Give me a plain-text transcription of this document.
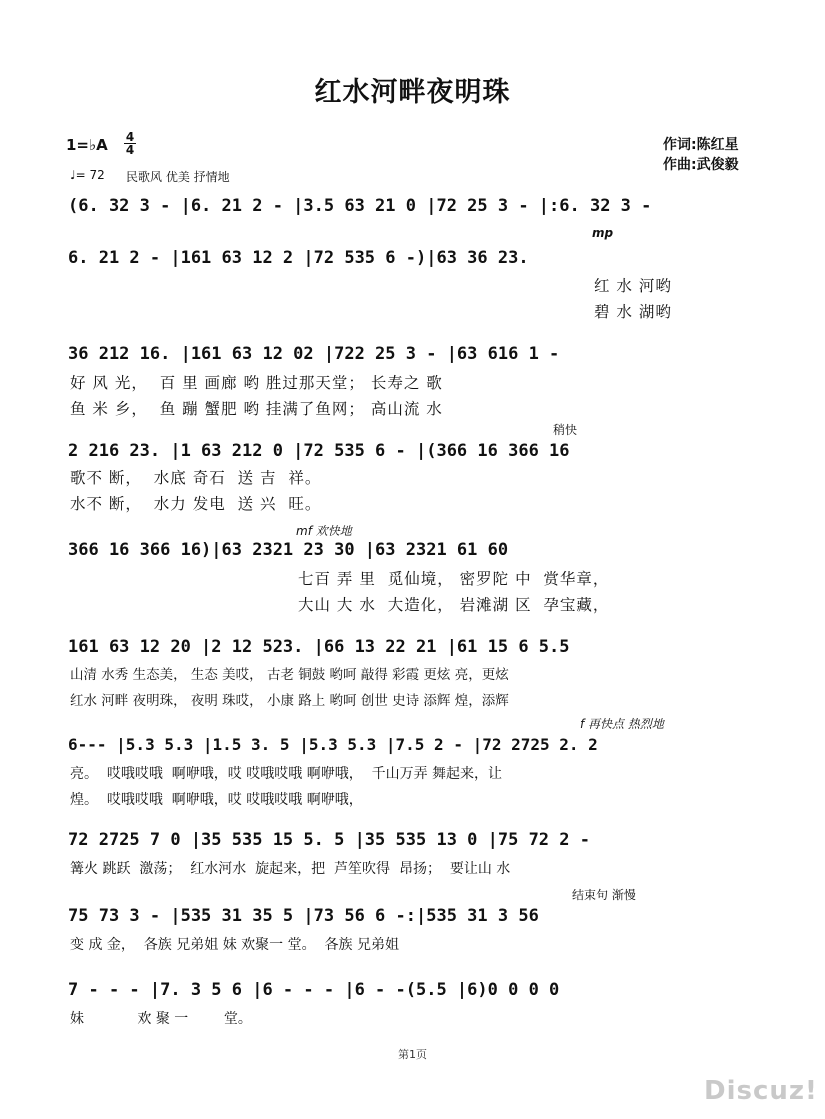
红水河畔夜明珠
1=♭A 4
4
♩= 72 民歌风 优美 抒情地
作词:陈红星
作曲:武俊毅
(6. 32 3 - |6. 21 2 - |3.5 63 21 0 |72 25 3 - |:6. 32 3 -
6. 21 2 - |161 63 12 2 |72 535 6 -)|63 36 23.
mp
红 水 河哟
碧 水 湖哟
36 212 16. |161 63 12 02 |722 25 3 - |63 616 1 -
好 风 光，  百 里 画廊 哟 胜过那天堂； 长寿之 歌
鱼 米 乡，  鱼 蹦 蟹肥 哟 挂满了鱼网； 高山流 水
2 216 23. |1 63 212 0 |72 535 6 - |(366 16 366 16
稍快
歌不 断，  水底 奇石  送 吉  祥。
水不 断，  水力 发电  送 兴  旺。
366 16 366 16)|63 2321 23 30 |63 2321 61 60
mf 欢快地
七百 弄 里  觅仙境， 密罗陀 中  赏华章，
大山 大 水  大造化， 岩滩湖 区  孕宝藏，
161 63 12 20 |2 12 523. |66 13 22 21 |61 15 6 5.5
山清 水秀 生态美， 生态 美哎， 古老 铜鼓 哟呵 敲得 彩霞 更炫 亮，更炫
红水 河畔 夜明珠， 夜明 珠哎， 小康 路上 哟呵 创世 史诗 添辉 煌，添辉
6--- |5.3 5.3 |1.5 3. 5 |5.3 5.3 |7.5 2 - |72 2725 2. 2
f 再快点 热烈地
亮。  哎哦哎哦  啊咿哦，哎 哎哦哎哦 啊咿哦，  千山万弄 舞起来，让
煌。  哎哦哎哦  啊咿哦，哎 哎哦哎哦 啊咿哦，
72 2725 7 0 |35 535 15 5. 5 |35 535 13 0 |75 72 2 -
篝火 跳跃  激荡；  红水河水  旋起来，把  芦笙吹得  昂扬；  要让山 水
75 73 3 - |535 31 35 5 |73 56 6 -:|535 31 3 56
结束句 渐慢
变 成 金，  各族 兄弟姐 妹 欢聚一 堂。  各族 兄弟姐
7 - - - |7. 3 5 6 |6 - - - |6 - -(5.5 |6)0 0 0 0
妹            欢 聚 一        堂。
第1页
Discuz!
